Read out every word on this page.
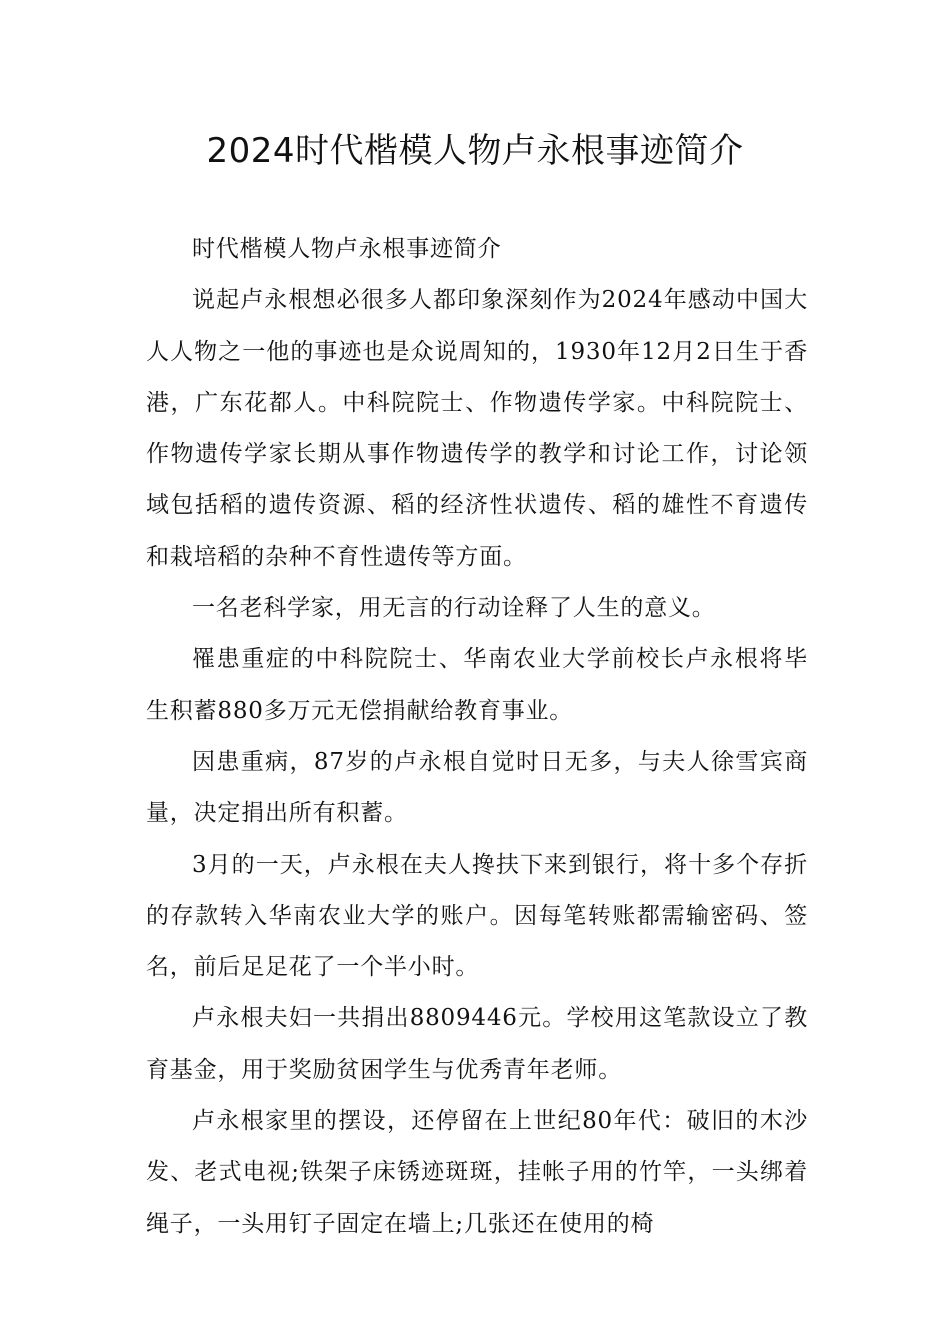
2024时代楷模人物卢永根事迹简介

时代楷模人物卢永根事迹简介

说起卢永根想必很多人都印象深刻作为2024年感动中国大人人物之一他的事迹也是众说周知的，1930年12月2日生于香港，广东花都人。中科院院士、作物遗传学家。中科院院士、作物遗传学家长期从事作物遗传学的教学和讨论工作，讨论领域包括稻的遗传资源、稻的经济性状遗传、稻的雄性不育遗传和栽培稻的杂种不育性遗传等方面。

一名老科学家，用无言的行动诠释了人生的意义。

罹患重症的中科院院士、华南农业大学前校长卢永根将毕生积蓄880多万元无偿捐献给教育事业。

因患重病，87岁的卢永根自觉时日无多，与夫人徐雪宾商量，决定捐出所有积蓄。

3月的一天，卢永根在夫人搀扶下来到银行，将十多个存折的存款转入华南农业大学的账户。因每笔转账都需输密码、签名，前后足足花了一个半小时。

卢永根夫妇一共捐出8809446元。学校用这笔款设立了教育基金，用于奖励贫困学生与优秀青年老师。

卢永根家里的摆设，还停留在上世纪80年代：破旧的木沙发、老式电视;铁架子床锈迹斑斑，挂帐子用的竹竿，一头绑着绳子，一头用钉子固定在墙上;几张还在使用的椅
